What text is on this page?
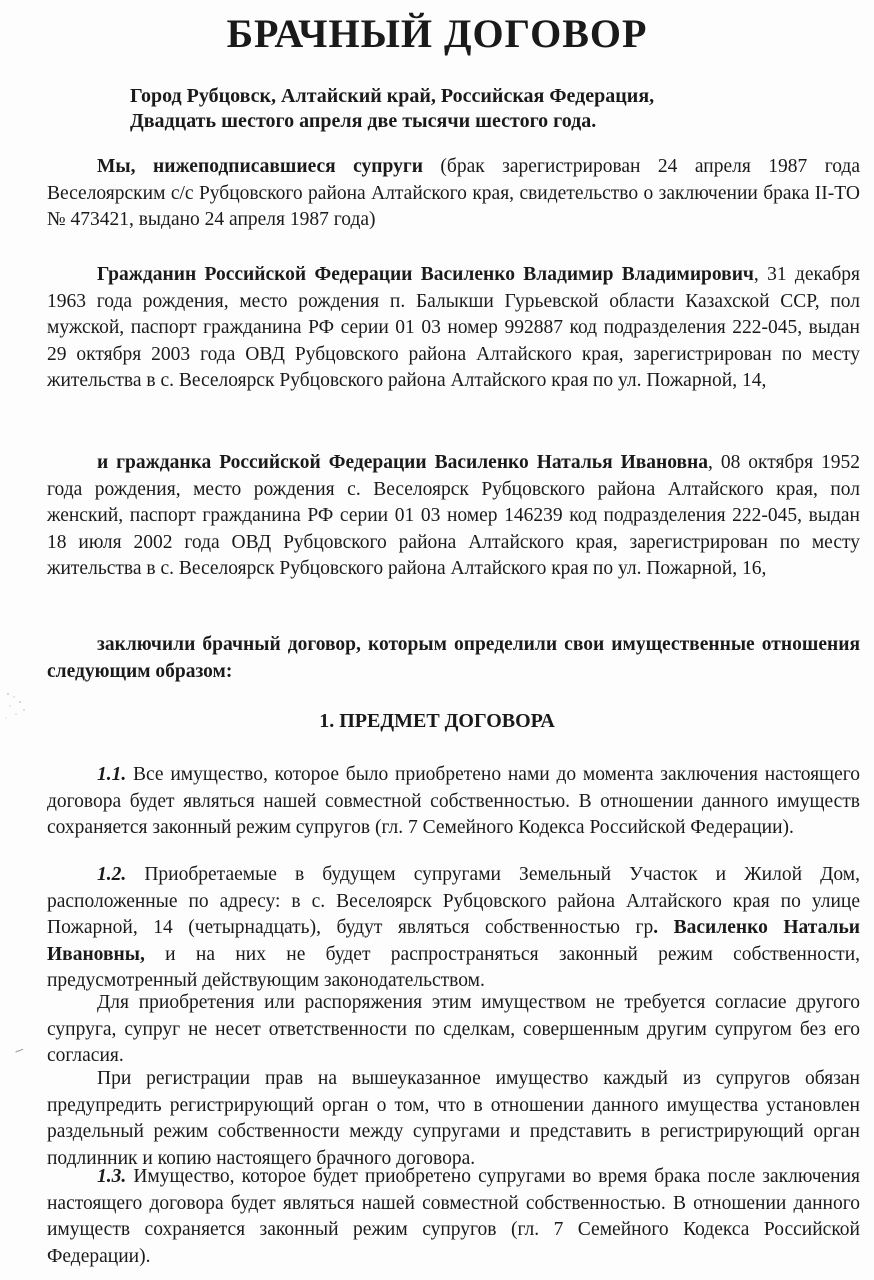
БРАЧНЫЙ ДОГОВОР
Город Рубцовск, Алтайский край, Российская Федерация,
Двадцать шестого апреля две тысячи шестого года.

Мы, нижеподписавшиеся супруги (брак зарегистрирован 24 апреля 1987 года Веселоярским с/с Рубцовского района Алтайского края, свидетельство о заключении брака II-ТО № 473421, выдано 24 апреля 1987 года)

Гражданин Российской Федерации Василенко Владимир Владимирович, 31 декабря 1963 года рождения, место рождения п. Балыкши Гурьевской области Казахской ССР, пол мужской, паспорт гражданина РФ серии 01 03 номер 992887 код подразделения 222-045, выдан 29 октября 2003 года ОВД Рубцовского района Алтайского края, зарегистрирован по месту жительства в с. Веселоярск Рубцовского района Алтайского края по ул. Пожарной, 14,

и гражданка Российской Федерации Василенко Наталья Ивановна, 08 октября 1952 года рождения, место рождения с. Веселоярск Рубцовского района Алтайского края, пол женский, паспорт гражданина РФ серии 01 03 номер 146239 код подразделения 222-045, выдан 18 июля 2002 года ОВД Рубцовского района Алтайского края, зарегистрирован по месту жительства в с. Веселоярск Рубцовского района Алтайского края по ул. Пожарной, 16,

заключили брачный договор, которым определили свои имущественные отношения следующим образом:

1. ПРЕДМЕТ ДОГОВОРА

1.1. Все имущество, которое было приобретено нами до момента заключения настоящего договора будет являться нашей совместной собственностью. В отношении данного имуществ сохраняется законный режим супругов (гл. 7 Семейного Кодекса Российской Федерации).

1.2. Приобретаемые в будущем супругами Земельный Участок и Жилой Дом, расположенные по адресу: в с. Веселоярск Рубцовского района Алтайского края по улице Пожарной, 14 (четырнадцать), будут являться собственностью гр. Василенко Натальи Ивановны, и на них не будет распространяться законный режим собственности, предусмотренный действующим законодательством.

Для приобретения или распоряжения этим имуществом не требуется согласие другого супруга, супруг не несет ответственности по сделкам, совершенным другим супругом без его согласия.

При регистрации прав на вышеуказанное имущество каждый из супругов обязан предупредить регистрирующий орган о том, что в отношении данного имущества установлен раздельный режим собственности между супругами и представить в регистрирующий орган подлинник и копию настоящего брачного договора.

1.3. Имущество, которое будет приобретено супругами во время брака после заключения настоящего договора будет являться нашей совместной собственностью. В отношении данного имуществ сохраняется законный режим супругов (гл. 7 Семейного Кодекса Российской Федерации).
